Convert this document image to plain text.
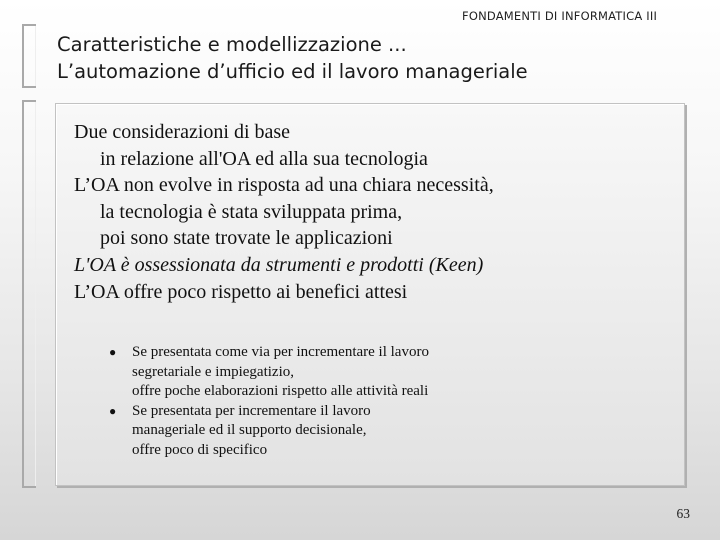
FONDAMENTI DI INFORMATICA III
Caratteristiche e modellizzazione ...
L’automazione d’ufficio ed il lavoro manageriale
Due considerazioni di base
in relazione all'OA ed alla sua tecnologia
L’OA non evolve in risposta ad una chiara necessità,
la tecnologia è stata sviluppata prima,
poi sono state trovate le applicazioni
L'OA è ossessionata da strumenti e prodotti (Keen)
L’OA offre poco rispetto ai benefici attesi
● Se presentata come via per incrementare il lavoro
segretariale e impiegatizio,
offre poche elaborazioni rispetto alle attività reali
● Se presentata per incrementare il lavoro
manageriale ed il supporto decisionale,
offre poco di specifico
63
